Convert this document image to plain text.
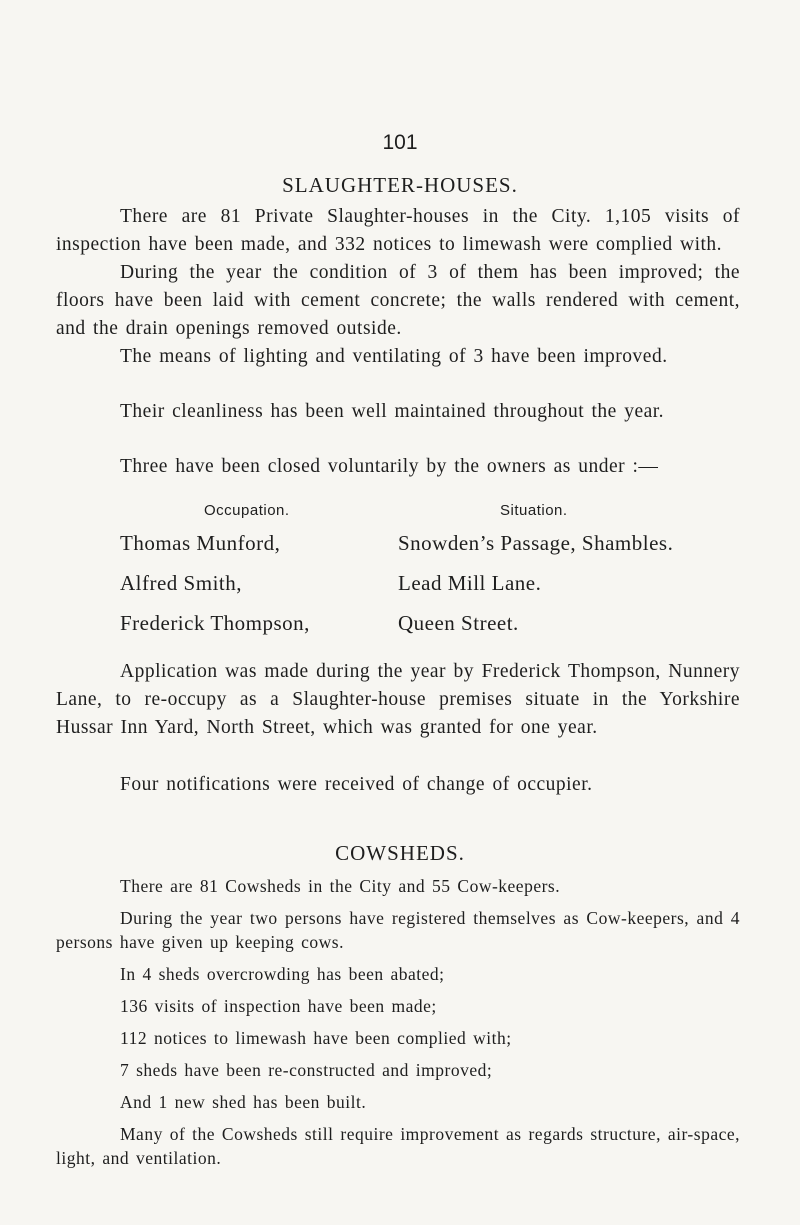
101
SLAUGHTER-HOUSES.
There are 81 Private Slaughter-houses in the City. 1,105 visits of inspection have been made, and 332 notices to limewash were complied with.
During the year the condition of 3 of them has been improved; the floors have been laid with cement concrete; the walls rendered with cement, and the drain openings removed outside.
The means of lighting and ventilating of 3 have been improved.
Their cleanliness has been well maintained throughout the year.
Three have been closed voluntarily by the owners as under :—
Occupation.	Situation.
Thomas Munford,	Snowden’s Passage, Shambles.
Alfred Smith,	Lead Mill Lane.
Frederick Thompson,	Queen Street.
Application was made during the year by Frederick Thompson, Nunnery Lane, to re-occupy as a Slaughter-house premises situate in the Yorkshire Hussar Inn Yard, North Street, which was granted for one year.
Four notifications were received of change of occupier.
COWSHEDS.
There are 81 Cowsheds in the City and 55 Cow-keepers.
During the year two persons have registered themselves as Cow-keepers, and 4 persons have given up keeping cows.
In 4 sheds overcrowding has been abated;
136 visits of inspection have been made;
112 notices to limewash have been complied with;
7 sheds have been re-constructed and improved;
And 1 new shed has been built.
Many of the Cowsheds still require improvement as regards structure, air-space, light, and ventilation.
